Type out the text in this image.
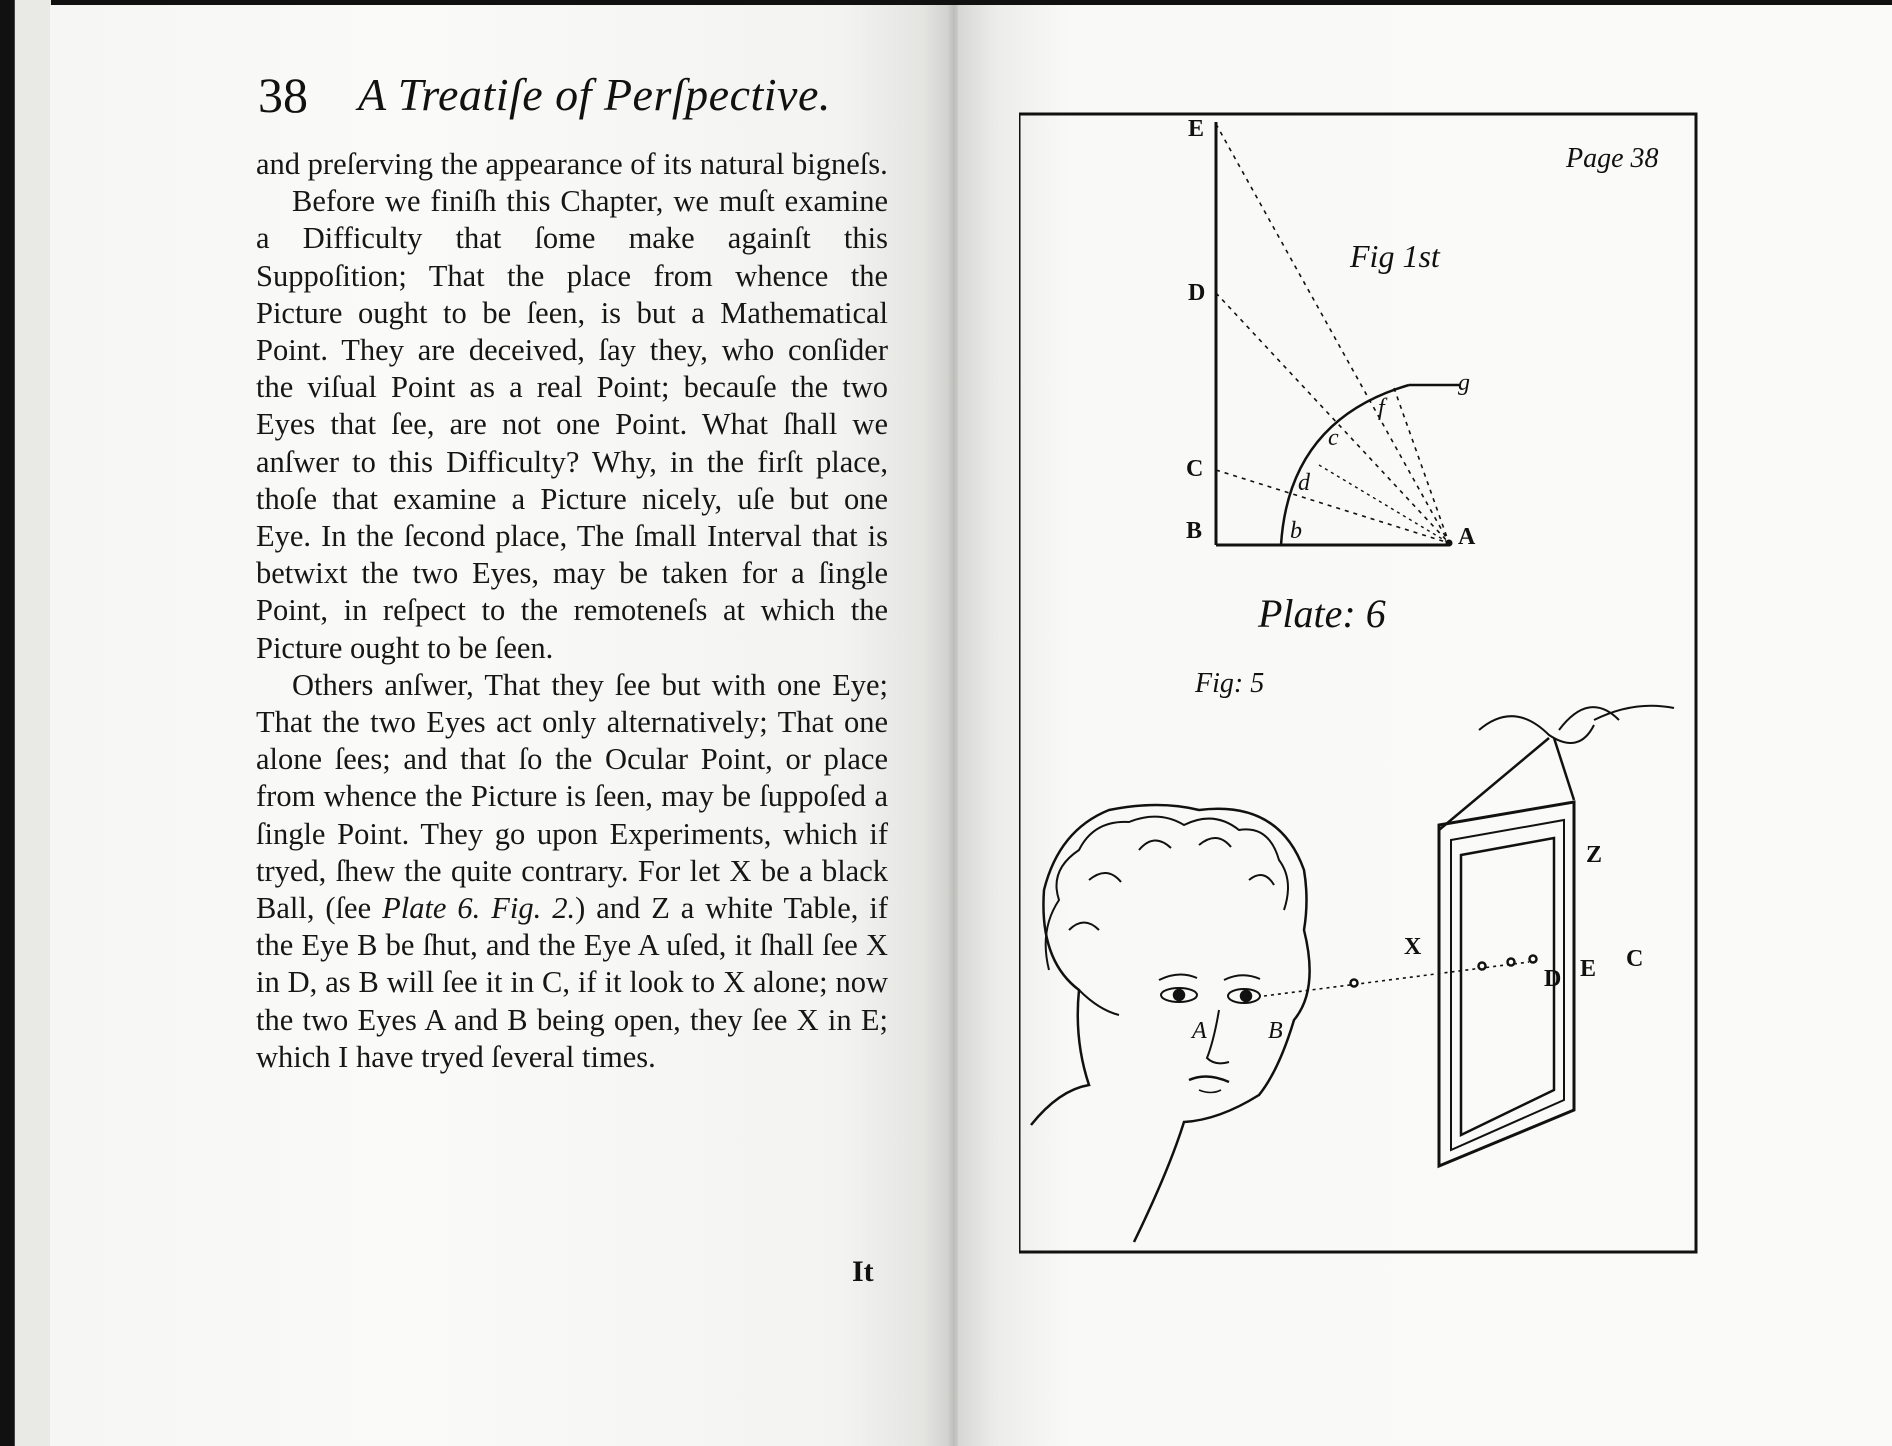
38 A Treatiſe of Perſpective.

and preſerving the appearance of its natural bigneſs.

Before we finiſh this Chapter, we muſt examine a Difficulty that ſome make againſt this Suppoſition; That the place from whence the Picture ought to be ſeen, is but a Mathematical Point. They are deceived, ſay they, who conſider the viſual Point as a real Point; becauſe the two Eyes that ſee, are not one Point. What ſhall we anſwer to this Difficulty? Why, in the firſt place, thoſe that examine a Picture nicely, uſe but one Eye. In the ſecond place, The ſmall Interval that is betwixt the two Eyes, may be taken for a ſingle Point, in reſpect to the remoteneſs at which the Picture ought to be ſeen.

Others anſwer, That they ſee but with one Eye; That the two Eyes act only alternatively; That one alone ſees; and that ſo the Ocular Point, or place from whence the Picture is ſeen, may be ſuppoſed a ſingle Point. They go upon Experiments, which if tryed, ſhew the quite contrary. For let X be a black Ball, (ſee Plate 6. Fig. 2.) and Z a white Table, if the Eye B be ſhut, and the Eye A uſed, it ſhall ſee X in D, as B will ſee it in C, if it look to X alone; now the two Eyes A and B being open, they ſee X in E; which I have tryed ſeveral times.

It
Page 38
Plate: 6
Fig 1st
Fig: 5
E
D
C
B	A
g
f
c
d
b
X
Z
D E C
A	B
